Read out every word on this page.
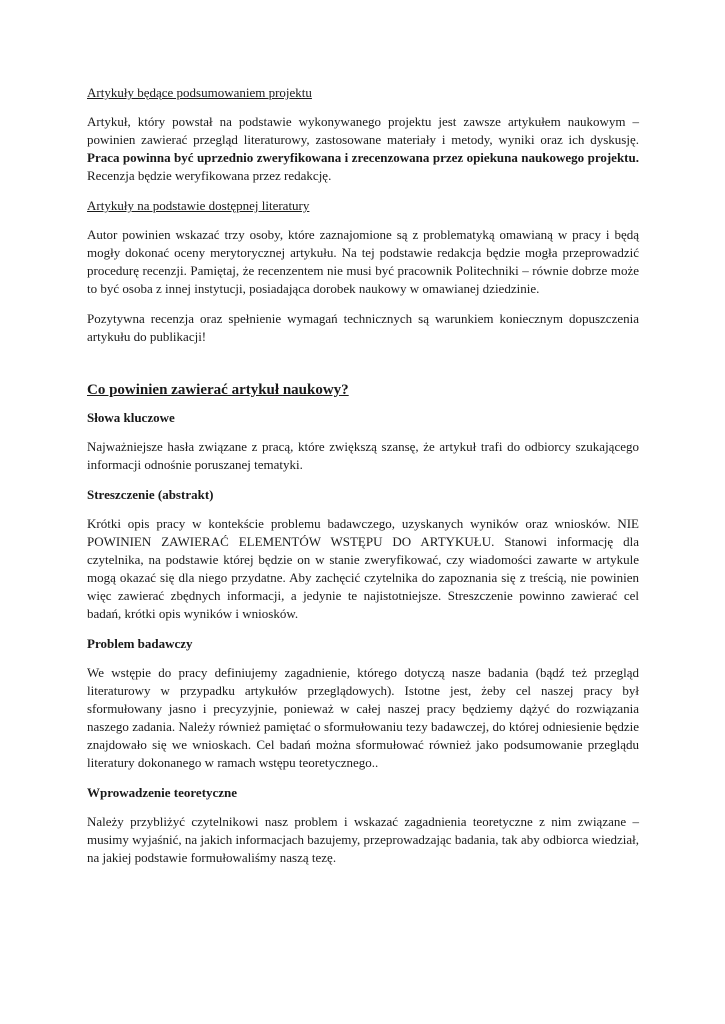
Artykuły będące podsumowaniem projektu

Artykuł, który powstał na podstawie wykonywanego projektu jest zawsze artykułem naukowym – powinien zawierać przegląd literaturowy, zastosowane materiały i metody, wyniki oraz ich dyskusję. Praca powinna być uprzednio zweryfikowana i zrecenzowana przez opiekuna naukowego projektu. Recenzja będzie weryfikowana przez redakcję.

Artykuły na podstawie dostępnej literatury

Autor powinien wskazać trzy osoby, które zaznajomione są z problematyką omawianą w pracy i będą mogły dokonać oceny merytorycznej artykułu. Na tej podstawie redakcja będzie mogła przeprowadzić procedurę recenzji. Pamiętaj, że recenzentem nie musi być pracownik Politechniki – równie dobrze może to być osoba z innej instytucji, posiadająca dorobek naukowy w omawianej dziedzinie.

Pozytywna recenzja oraz spełnienie wymagań technicznych są warunkiem koniecznym dopuszczenia artykułu do publikacji!

Co powinien zawierać artykuł naukowy?
Słowa kluczowe

Najważniejsze hasła związane z pracą, które zwiększą szansę, że artykuł trafi do odbiorcy szukającego informacji odnośnie poruszanej tematyki.

Streszczenie (abstrakt)

Krótki opis pracy w kontekście problemu badawczego, uzyskanych wyników oraz wniosków. NIE POWINIEN ZAWIERAĆ ELEMENTÓW WSTĘPU DO ARTYKUŁU. Stanowi informację dla czytelnika, na podstawie której będzie on w stanie zweryfikować, czy wiadomości zawarte w artykule mogą okazać się dla niego przydatne. Aby zachęcić czytelnika do zapoznania się z treścią, nie powinien więc zawierać zbędnych informacji, a jedynie te najistotniejsze. Streszczenie powinno zawierać cel badań, krótki opis wyników i wniosków.

Problem badawczy

We wstępie do pracy definiujemy zagadnienie, którego dotyczą nasze badania (bądź też przegląd literaturowy w przypadku artykułów przeglądowych). Istotne jest, żeby cel naszej pracy był sformułowany jasno i precyzyjnie, ponieważ w całej naszej pracy będziemy dążyć do rozwiązania naszego zadania. Należy również pamiętać o sformułowaniu tezy badawczej, do której odniesienie będzie znajdowało się we wnioskach. Cel badań można sformułować również jako podsumowanie przeglądu literatury dokonanego w ramach wstępu teoretycznego..

Wprowadzenie teoretyczne

Należy przybliżyć czytelnikowi nasz problem i wskazać zagadnienia teoretyczne z nim związane – musimy wyjaśnić, na jakich informacjach bazujemy, przeprowadzając badania, tak aby odbiorca wiedział, na jakiej podstawie formułowaliśmy naszą tezę.
